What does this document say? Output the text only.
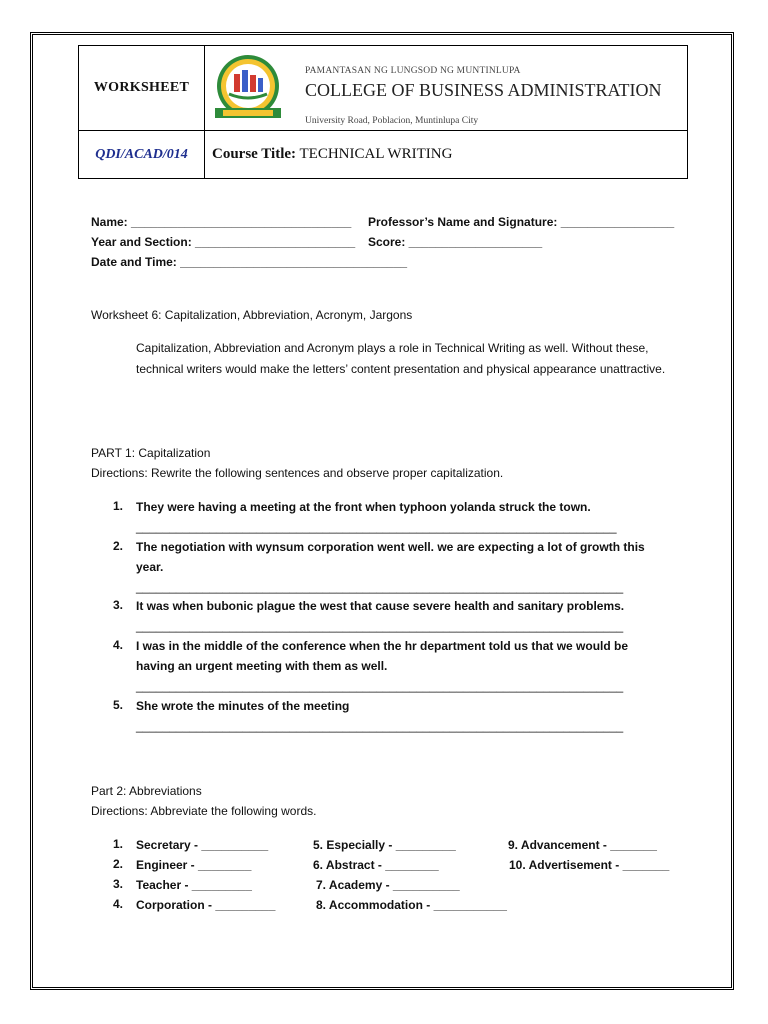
WORKSHEET
PAMANTASAN NG LUNGSOD NG MUNTINLUPA
COLLEGE OF BUSINESS ADMINISTRATION
University Road, Poblacion, Muntinlupa City
QDI/ACAD/014 Course Title: TECHNICAL WRITING
Name: _________________________________ Professor’s Name and Signature: _________________
Year and Section: ________________________ Score: ____________________
Date and Time: __________________________________
Worksheet 6: Capitalization, Abbreviation, Acronym, Jargons
Capitalization, Abbreviation and Acronym plays a role in Technical Writing as well. Without these, technical writers would make the letters’ content presentation and physical appearance unattractive.
PART 1: Capitalization
Directions: Rewrite the following sentences and observe proper capitalization.
1. They were having a meeting at the front when typhoon yolanda struck the town.
________________________________________________________________________
2. The negotiation with wynsum corporation went well. we are expecting a lot of growth this
year.
_________________________________________________________________________
3. It was when bubonic plague the west that cause severe health and sanitary problems.
_________________________________________________________________________
4. I was in the middle of the conference when the hr department told us that we would be
having an urgent meeting with them as well.
_________________________________________________________________________
5. She wrote the minutes of the meeting
_________________________________________________________________________
Part 2: Abbreviations
Directions: Abbreviate the following words.
1. Secretary - __________
2. Engineer - ________
3. Teacher - _________
4. Corporation - _________
5. Especially - _________
6. Abstract - ________
7. Academy - __________
8. Accommodation - ___________
9. Advancement - _______
10. Advertisement - _______
